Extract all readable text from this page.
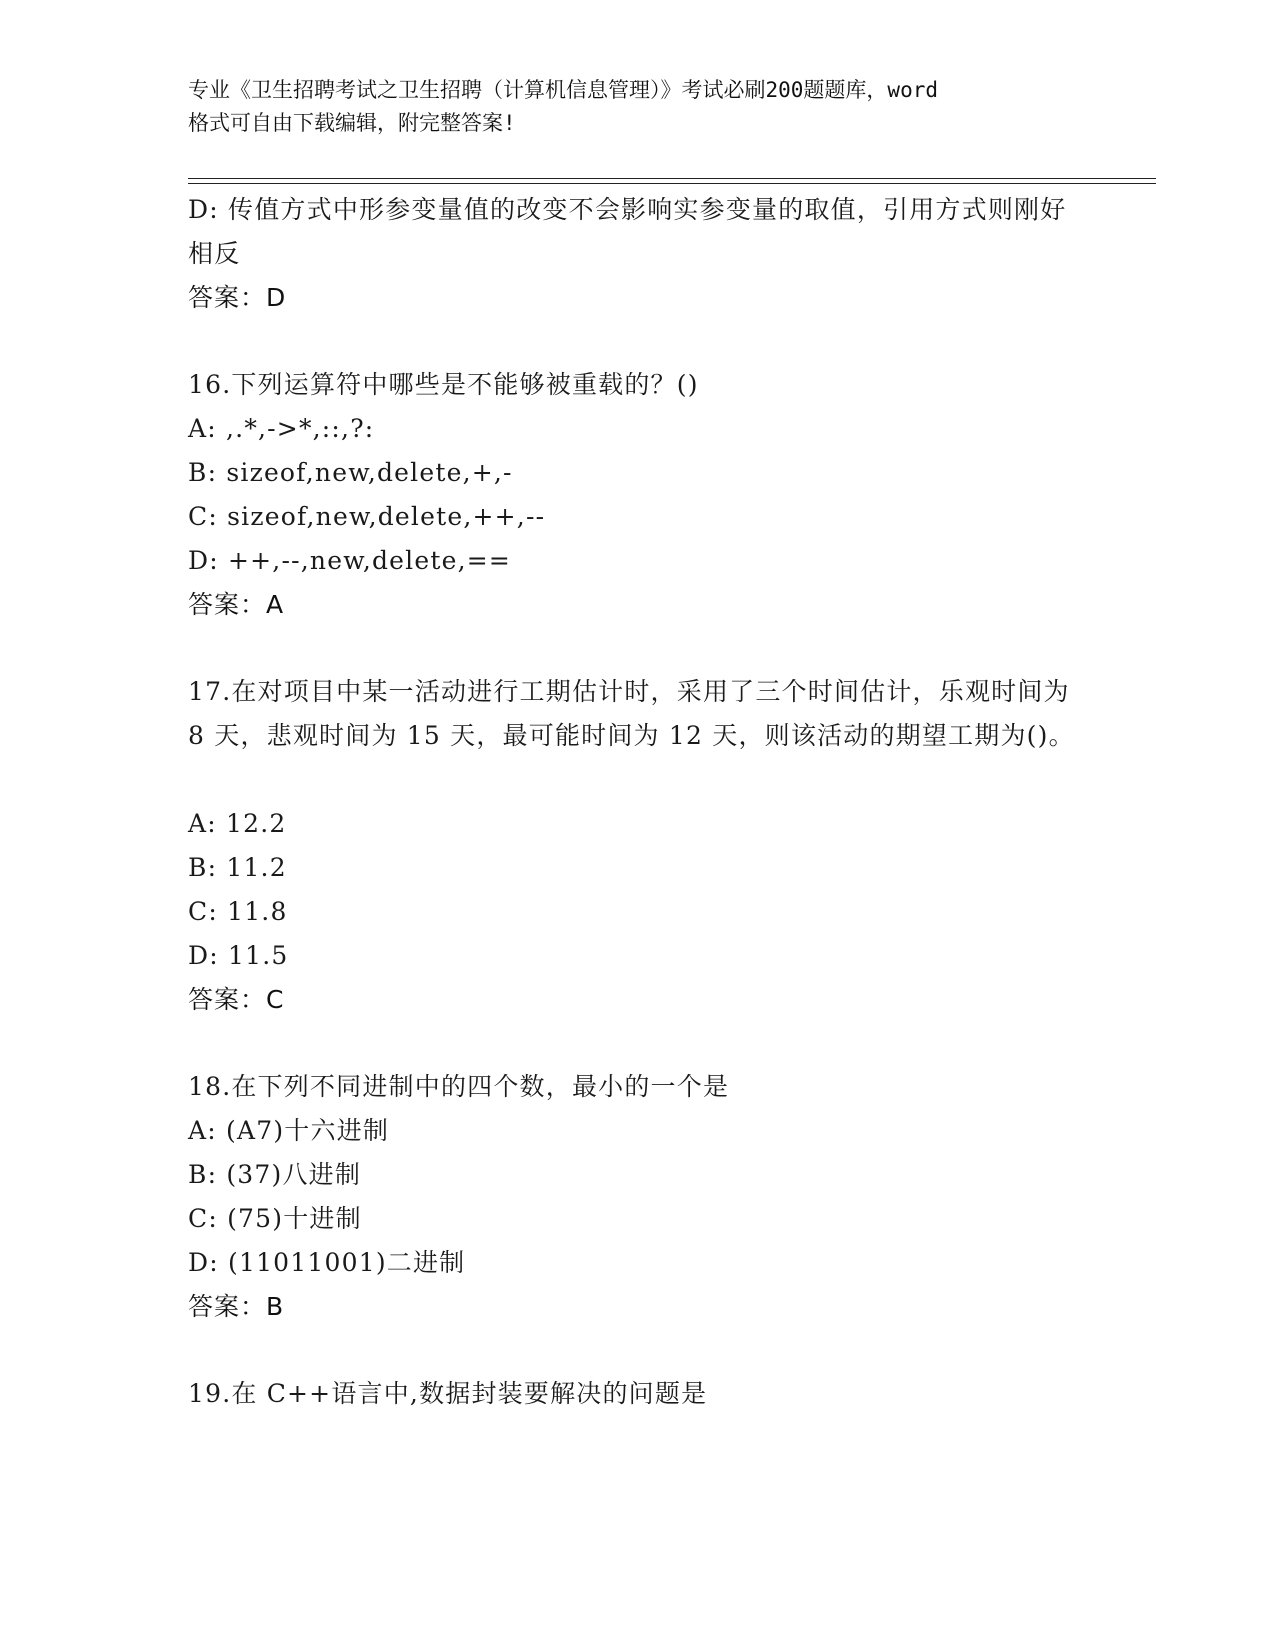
专业《卫生招聘考试之卫生招聘（计算机信息管理）》考试必刷200题题库，word
格式可自由下载编辑，附完整答案!
D: 传值方式中形参变量值的改变不会影响实参变量的取值，引用方式则刚好相反
答案：D
16.下列运算符中哪些是不能够被重载的？()
A: ,.*,->*,::,?:
B: sizeof,new,delete,+,-
C: sizeof,new,delete,++,--
D: ++,--,new,delete,==
答案：A
17.在对项目中某一活动进行工期估计时，采用了三个时间估计，乐观时间为 8 天，悲观时间为 15 天，最可能时间为 12 天，则该活动的期望工期为()。
A: 12.2
B: 11.2
C: 11.8
D: 11.5
答案：C
18.在下列不同进制中的四个数，最小的一个是
A: (A7)十六进制
B: (37)八进制
C: (75)十进制
D: (11011001)二进制
答案：B
19.在 C++语言中,数据封装要解决的问题是
